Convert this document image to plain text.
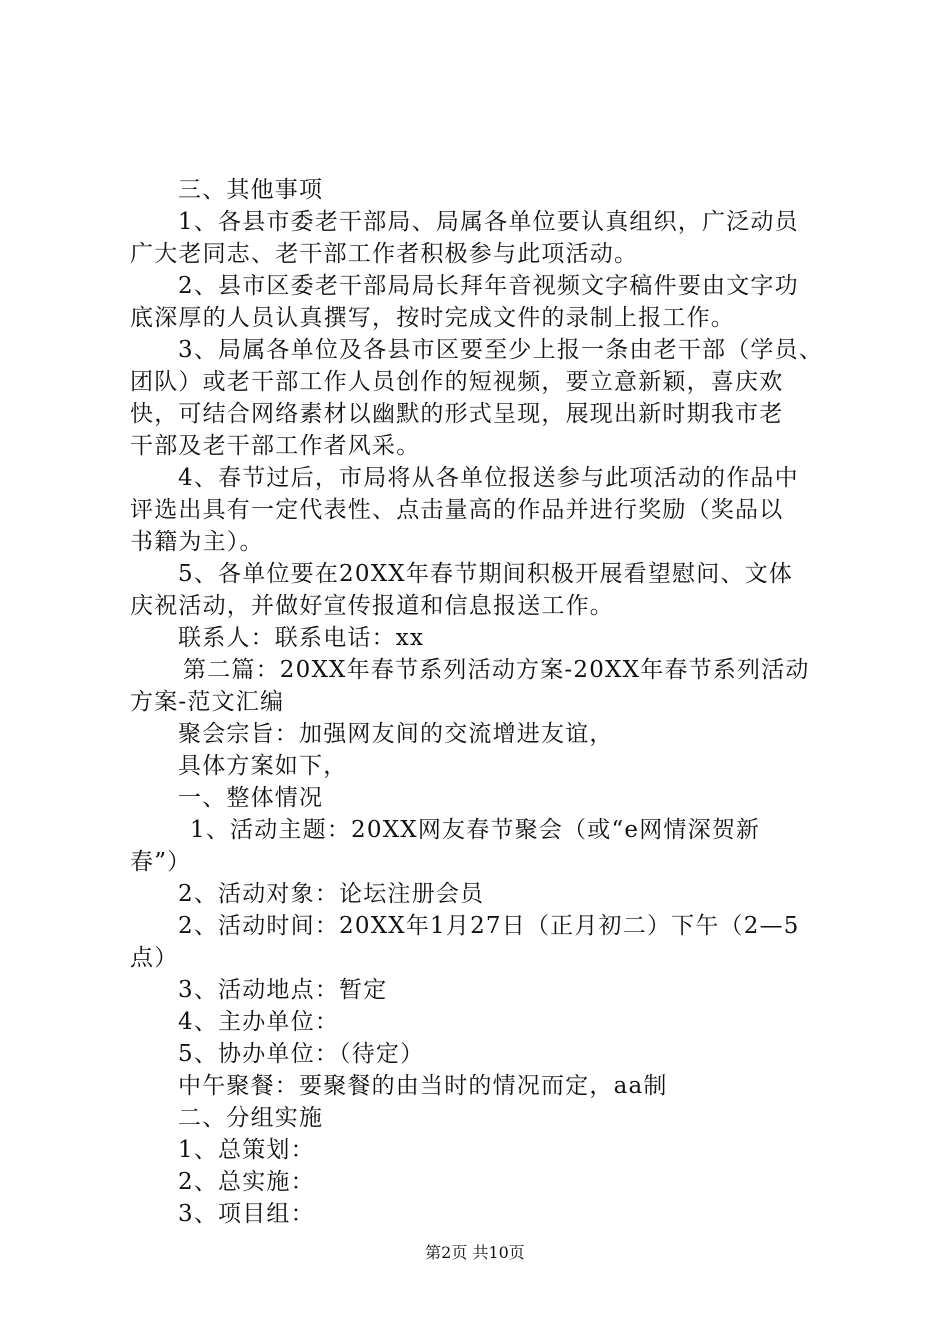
三、其他事项
1、各县市委老干部局、局属各单位要认真组织，广泛动员
广大老同志、老干部工作者积极参与此项活动。
2、县市区委老干部局局长拜年音视频文字稿件要由文字功
底深厚的人员认真撰写，按时完成文件的录制上报工作。
3、局属各单位及各县市区要至少上报一条由老干部（学员、
团队）或老干部工作人员创作的短视频，要立意新颖，喜庆欢
快，可结合网络素材以幽默的形式呈现，展现出新时期我市老
干部及老干部工作者风采。
4、春节过后，市局将从各单位报送参与此项活动的作品中
评选出具有一定代表性、点击量高的作品并进行奖励（奖品以
书籍为主）。
5、各单位要在20XX年春节期间积极开展看望慰问、文体
庆祝活动，并做好宣传报道和信息报送工作。
联系人：联系电话：xx
第二篇：20XX年春节系列活动方案-20XX年春节系列活动
方案-范文汇编
聚会宗旨：加强网友间的交流增进友谊，
具体方案如下，
一、整体情况
1、活动主题：20XX网友春节聚会（或“e网情深贺新
春”）
2、活动对象：论坛注册会员
2、活动时间：20XX年1月27日（正月初二）下午（2—5
点）
3、活动地点：暂定
4、主办单位：
5、协办单位：（待定）
中午聚餐：要聚餐的由当时的情况而定，aa制
二、分组实施
1、总策划：
2、总实施：
3、项目组：
第2页 共10页
